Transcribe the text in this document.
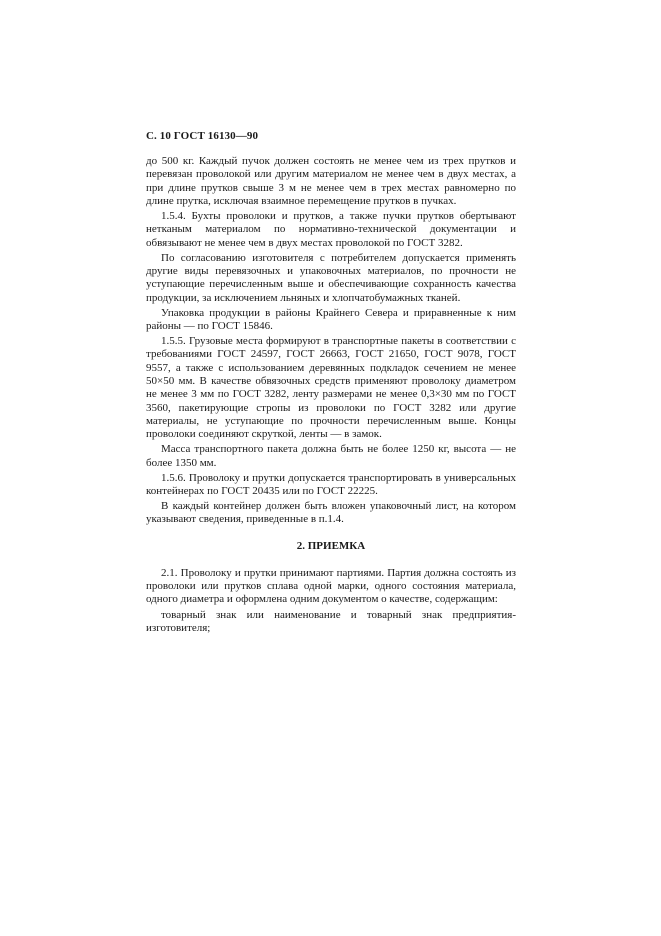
С. 10 ГОСТ 16130—90

до 500 кг. Каждый пучок должен состоять не менее чем из трех прутков и перевязан проволокой или другим материалом не менее чем в двух местах, а при длине прутков свыше 3 м не менее чем в трех местах равномерно по длине прутка, исключая взаимное перемещение прутков в пучках.

1.5.4. Бухты проволоки и прутков, а также пучки прутков обертывают нетканым материалом по нормативно-технической документации и обвязывают не менее чем в двух местах проволокой по ГОСТ 3282.

По согласованию изготовителя с потребителем допускается применять другие виды перевязочных и упаковочных материалов, по прочности не уступающие перечисленным выше и обеспечивающие сохранность качества продукции, за исключением льняных и хлопчатобумажных тканей.

Упаковка продукции в районы Крайнего Севера и приравненные к ним районы — по ГОСТ 15846.

1.5.5. Грузовые места формируют в транспортные пакеты в соответствии с требованиями ГОСТ 24597, ГОСТ 26663, ГОСТ 21650, ГОСТ 9078, ГОСТ 9557, а также с использованием деревянных подкладок сечением не менее 50×50 мм. В качестве обвязочных средств применяют проволоку диаметром не менее 3 мм по ГОСТ 3282, ленту размерами не менее 0,3×30 мм по ГОСТ 3560, пакетирующие стропы из проволоки по ГОСТ 3282 или другие материалы, не уступающие по прочности перечисленным выше. Концы проволоки соединяют скруткой, ленты — в замок.

Масса транспортного пакета должна быть не более 1250 кг, высота — не более 1350 мм.

1.5.6. Проволоку и прутки допускается транспортировать в универсальных контейнерах по ГОСТ 20435 или по ГОСТ 22225.

В каждый контейнер должен быть вложен упаковочный лист, на котором указывают сведения, приведенные в п.1.4.

2. ПРИЕМКА

2.1. Проволоку и прутки принимают партиями. Партия должна состоять из проволоки или прутков сплава одной марки, одного состояния материала, одного диаметра и оформлена одним документом о качестве, содержащим:

товарный знак или наименование и товарный знак предприятия-изготовителя;
